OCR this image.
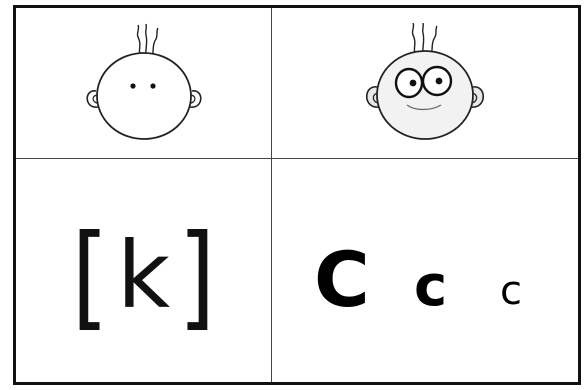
[ k ] C c c
